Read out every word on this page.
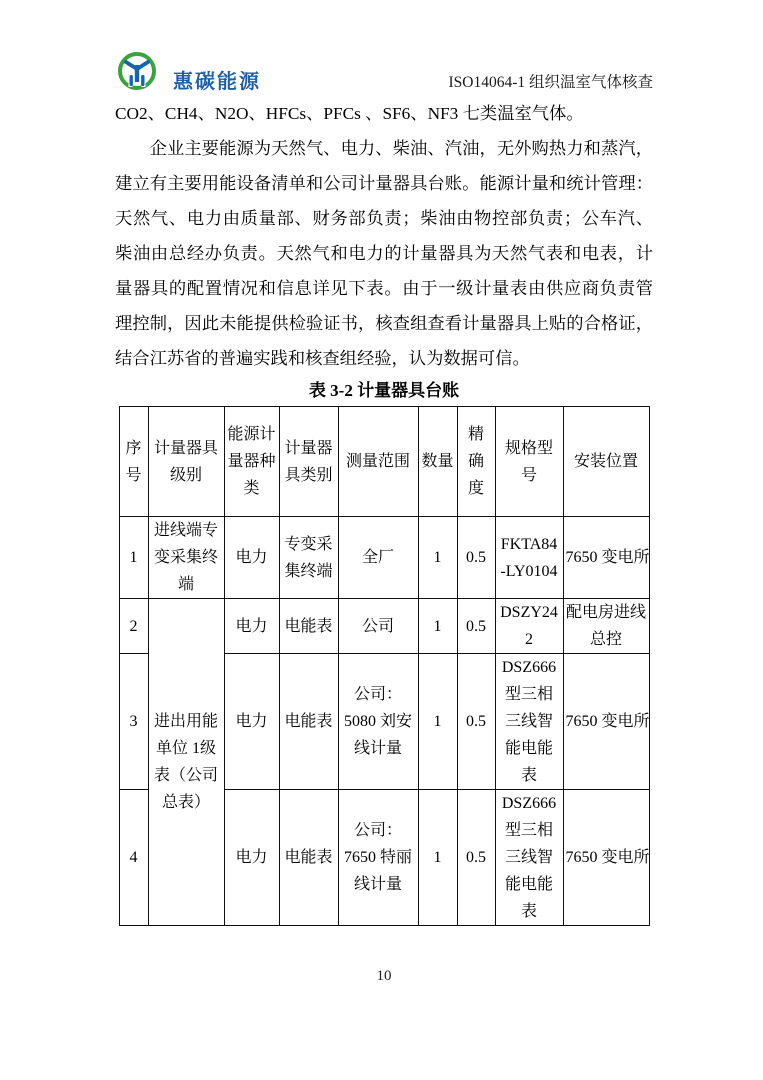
惠碳能源	ISO14064-1 组织温室气体核查
CO2、CH4、N2O、HFCs、PFCs 、SF6、NF3 七类温室气体。
企业主要能源为天然气、电力、柴油、汽油，无外购热力和蒸汽，
建立有主要用能设备清单和公司计量器具台账。能源计量和统计管理：
天然气、电力由质量部、财务部负责；柴油由物控部负责；公车汽、
柴油由总经办负责。天然气和电力的计量器具为天然气表和电表，计
量器具的配置情况和信息详见下表。由于一级计量表由供应商负责管
理控制，因此未能提供检验证书，核查组查看计量器具上贴的合格证，
结合江苏省的普遍实践和核查组经验，认为数据可信。
表 3-2 计量器具台账
序号	计量器具级别	能源计量器种类	计量器具类别	测量范围	数量	精确度	规格型号	安装位置
1	进线端专变采集终端	电力	专变采集终端	全厂	1	0.5	FKTA84-LY0104	7650 变电所
2	进出用能单位 1级表（公司总表）	电力	电能表	公司	1	0.5	DSZY242	配电房进线总控
3		电力	电能表	公司：5080 刘安线计量	1	0.5	DSZ666型三相三线智能电能表	7650 变电所
4		电力	电能表	公司：7650 特丽线计量	1	0.5	DSZ666型三相三线智能电能表	7650 变电所
10
